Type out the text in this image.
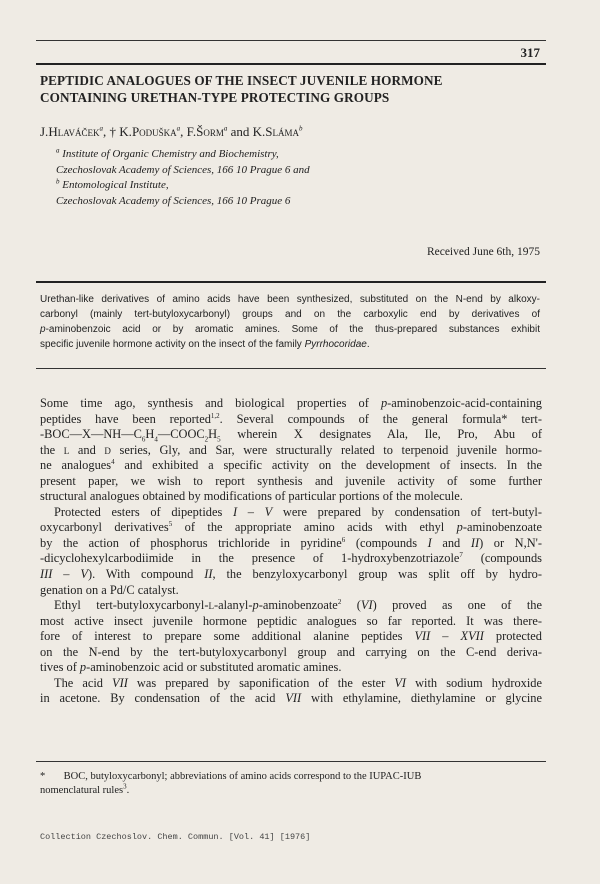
317
PEPTIDIC ANALOGUES OF THE INSECT JUVENILE HORMONE
CONTAINING URETHAN-TYPE PROTECTING GROUPS
J.Hlaváček$^a$, † K.Poduška$^a$, F.Šorm$^a$ and K.Sláma$^b$
$^a$ Institute of Organic Chemistry and Biochemistry,
Czechoslovak Academy of Sciences, 166 10 Prague 6 and
$^b$ Entomological Institute,
Czechoslovak Academy of Sciences, 166 10 Prague 6
Received June 6th, 1975
Urethan-like derivatives of amino acids have been synthesized, substituted on the N-end by alkoxy-
carbonyl (mainly tert-butyloxycarbonyl) groups and on the carboxylic end by derivatives of
p-aminobenzoic acid or by aromatic amines. Some of the thus-prepared substances exhibit
specific juvenile hormone activity on the insect of the family Pyrrhocoridae.
Some time ago, synthesis and biological properties of p-aminobenzoic-acid-containing
peptides have been reported$^{1,2}$. Several compounds of the general formula* tert-
$-BOC—X—NH—C_6H_4—COOC_2H_5$ wherein X designates Ala, Ile, Pro, Abu of
the l and d series, Gly, and Sar, were structurally related to terpenoid juvenile hormo-
ne analogues$^4$ and exhibited a specific activity on the development of insects. In the
present paper, we wish to report synthesis and juvenile activity of some further
structural analogues obtained by modifications of particular portions of the molecule.
Protected esters of dipeptides I – V were prepared by condensation of tert-butyl-
oxycarbonyl derivatives$^5$ of the appropriate amino acids with ethyl p-aminobenzoate
by the action of phosphorus trichloride in pyridine$^6$ (compounds I and II) or N,N'-
-dicyclohexylcarbodiimide in the presence of 1-hydroxybenzotriazole$^7$ (compounds
III – V). With compound II, the benzyloxycarbonyl group was split off by hydro-
genation on a Pd/C catalyst.
Ethyl tert-butyloxycarbonyl-l-alanyl-p-aminobenzoate$^2$ (VI) proved as one of the
most active insect juvenile hormone peptidic analogues so far reported. It was there-
fore of interest to prepare some additional alanine peptides VII – XVII protected
on the N-end by the tert-butyloxycarbonyl group and carrying on the C-end deriva-
tives of p-aminobenzoic acid or substituted aromatic amines.
The acid VII was prepared by saponification of the ester VI with sodium hydroxide
in acetone. By condensation of the acid VII with ethylamine, diethylamine or glycine
*       BOC, butyloxycarbonyl; abbreviations of amino acids correspond to the IUPAC-IUB
nomenclatural rules$^3$.
Collection Czechoslov. Chem. Commun. [Vol. 41] [1976]
